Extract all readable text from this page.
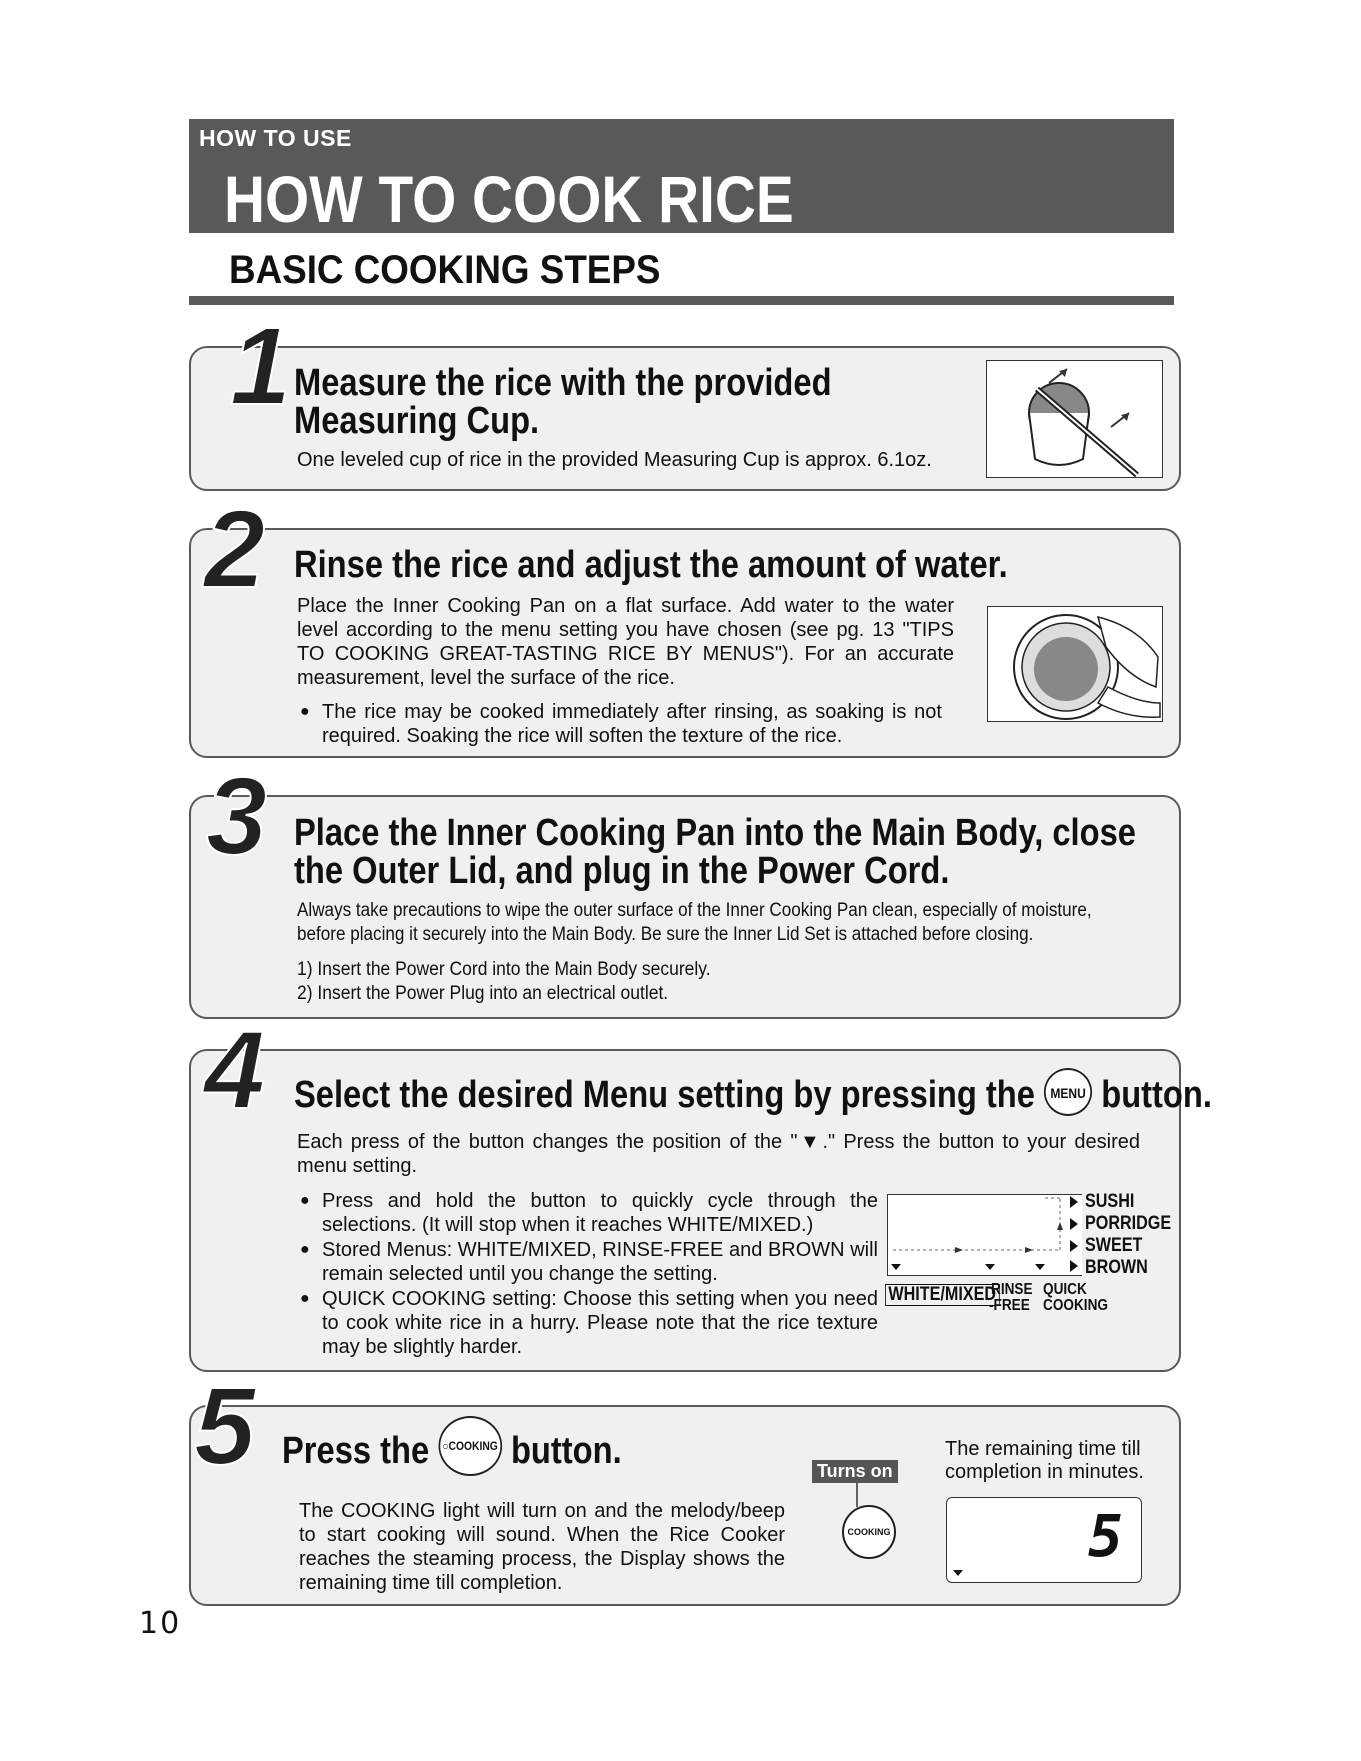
HOW TO USE
HOW TO COOK RICE
BASIC COOKING STEPS
1 Measure the rice with the provided
Measuring Cup.
One leveled cup of rice in the provided Measuring Cup is approx. 6.1oz.
2 Rinse the rice and adjust the amount of water.
Place the Inner Cooking Pan on a flat surface. Add water to the water level according to the menu setting you have chosen (see pg. 13 "TIPS TO COOKING GREAT-TASTING RICE BY MENUS"). For an accurate measurement, level the surface of the rice.
● The rice may be cooked immediately after rinsing, as soaking is not required. Soaking the rice will soften the texture of the rice.
3 Place the Inner Cooking Pan into the Main Body, close
the Outer Lid, and plug in the Power Cord.
Always take precautions to wipe the outer surface of the Inner Cooking Pan clean, especially of moisture,
before placing it securely into the Main Body. Be sure the Inner Lid Set is attached before closing.
1) Insert the Power Cord into the Main Body securely.
2) Insert the Power Plug into an electrical outlet.
4 Select the desired Menu setting by pressing the MENU button.
Each press of the button changes the position of the "▼." Press the button to your desired menu setting.
● Press and hold the button to quickly cycle through the selections. (It will stop when it reaches WHITE/MIXED.)
● Stored Menus: WHITE/MIXED, RINSE-FREE and BROWN will remain selected until you change the setting.
● QUICK COOKING setting: Choose this setting when you need to cook white rice in a hurry. Please note that the rice texture may be slightly harder.
SUSHI
PORRIDGE
SWEET
BROWN
WHITE/MIXED
RINSE
-FREE
QUICK
COOKING
5 Press the ○COOKING button.
The COOKING light will turn on and the melody/beep to start cooking will sound. When the Rice Cooker reaches the steaming process, the Display shows the remaining time till completion.
Turns on
COOKING
The remaining time till
completion in minutes.
5
10
